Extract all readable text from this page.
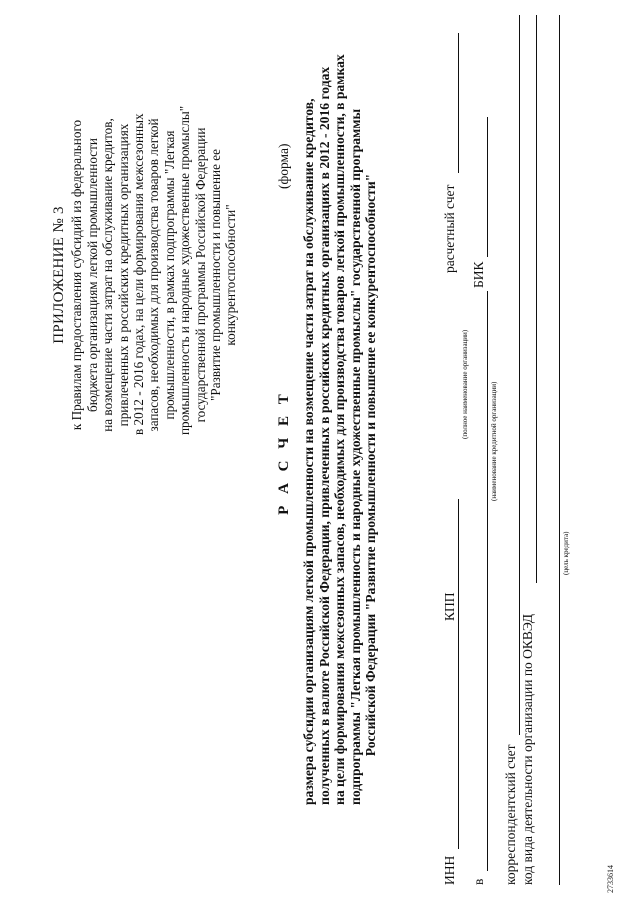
ПРИЛОЖЕНИЕ № 3 к Правилам предоставления субсидий из федерального бюджета организациям легкой промышленности на возмещение части затрат на обслуживание кредитов, привлеченных в российских кредитных организациях в 2012 - 2016 годах, на цели формирования межсезонных запасов, необходимых для производства товаров легкой промышленности, в рамках подпрограммы "Легкая промышленность и народные художественные промыслы" государственной программы Российской Федерации "Развитие промышленности и повышение ее конкурентоспособности"
(форма)
Р А С Ч Е Т размера субсидии организациям легкой промышленности на возмещение части затрат на обслуживание кредитов, полученных в валюте Российской Федерации, привлеченных в российских кредитных организациях в 2012 - 2016 годах на цели формирования межсезонных запасов, необходимых для производства товаров легкой промышленности, в рамках подпрограммы "Легкая промышленность и народные художественные промыслы" государственной программы Российской Федерации "Развитие промышленности и повышение ее конкурентоспособности"
ИНН
КПП
расчетный счет
(полное наименование организации)
в
БИК
(наименование кредитной организации)
корреспондентский счет код вида деятельности организации по ОКВЭД
(цель кредита)
2733614
